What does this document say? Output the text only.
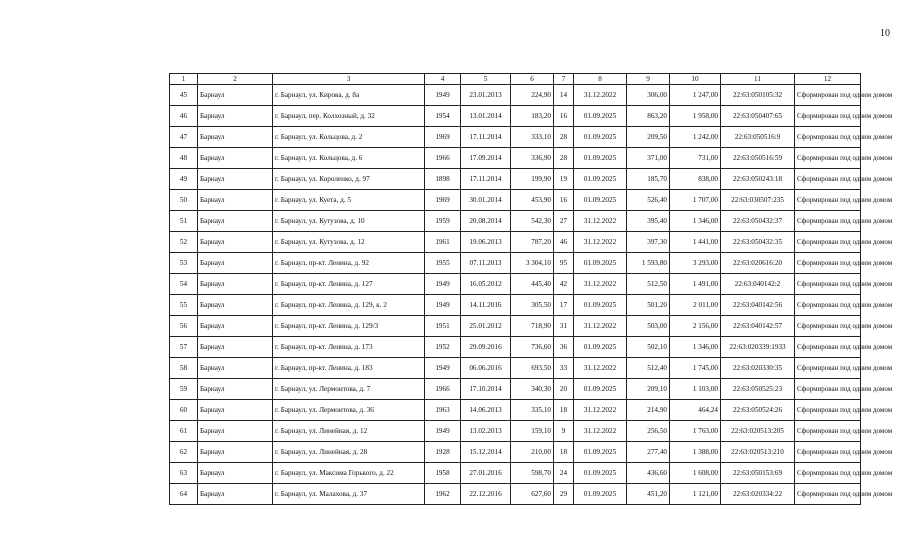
10
1	2	3	4	5	6	7	8	9	10	11	12
45	Барнаул	г. Барнаул, ул. Кирова, д. 8а	1949	23.01.2013	224,90	14	31.12.2022	306,00	1 247,00	22:63:050105:32	Сформирован под одним домом
46	Барнаул	г. Барнаул, пер. Колхозный, д. 32	1954	13.01.2014	183,20	16	01.09.2025	863,20	1 958,00	22:63:050407:65	Сформирован под одним домом
47	Барнаул	г. Барнаул, ул. Кольцова, д. 2	1969	17.11.2014	333,10	28	01.09.2025	209,50	1 242,00	22:63:050516:9	Сформирован под одним домом
48	Барнаул	г. Барнаул, ул. Кольцова, д. 6	1966	17.09.2014	336,90	28	01.09.2025	371,00	731,00	22:63:050516:59	Сформирован под одним домом
49	Барнаул	г. Барнаул, ул. Короленко, д. 97	1898	17.11.2014	199,90	19	01.09.2025	185,70	838,00	22:63:050243:18	Сформирован под одним домом
50	Барнаул	г. Барнаул, ул. Куета, д. 5	1969	30.01.2014	453,90	16	01.09.2025	526,40	1 707,00	22:63:030507:235	Сформирован под одним домом
51	Барнаул	г. Барнаул, ул. Кутузова, д. 10	1959	20.08.2014	542,30	27	31.12.2022	395,40	1 346,00	22:63:050432:37	Сформирован под одним домом
52	Барнаул	г. Барнаул, ул. Кутузова, д. 12	1961	19.06.2013	787,20	46	31.12.2022	397,30	1 441,00	22:63:050432:35	Сформирован под одним домом
53	Барнаул	г. Барнаул, пр-кт. Ленина, д. 92	1955	07.11.2013	3 304,10	95	01.09.2025	1 593,80	3 293,00	22:63:020616:20	Сформирован под одним домом
54	Барнаул	г. Барнаул, пр-кт. Ленина, д. 127	1949	16.05.2012	445,40	42	31.12.2022	512,50	1 491,00	22:63:040142:2	Сформирован под одним домом
55	Барнаул	г. Барнаул, пр-кт. Ленина, д. 129, к. 2	1949	14.11.2016	305,50	17	01.09.2025	501,20	2 011,00	22:63:040142:56	Сформирован под одним домом
56	Барнаул	г. Барнаул, пр-кт. Ленина, д. 129/3	1951	25.01.2012	718,90	31	31.12.2022	503,00	2 156,00	22:63:040142:57	Сформирован под одним домом
57	Барнаул	г. Барнаул, пр-кт. Ленина, д. 173	1952	29.09.2016	736,60	36	01.09.2025	502,10	1 346,00	22:63:020339:1933	Сформирован под одним домом
58	Барнаул	г. Барнаул, пр-кт. Ленина, д. 183	1949	06.06.2016	693,50	33	31.12.2022	512,40	1 745,00	22:63:020330:35	Сформирован под одним домом
59	Барнаул	г. Барнаул, ул. Лермонтова, д. 7	1966	17.10.2014	340,30	20	01.09.2025	209,10	1 103,00	22:63:050525:23	Сформирован под одним домом
60	Барнаул	г. Барнаул, ул. Лермонтова, д. 36	1963	14.06.2013	335,10	18	31.12.2022	214,90	464,24	22:63:050524:26	Сформирован под одним домом
61	Барнаул	г. Барнаул, ул. Линейная, д. 12	1949	13.02.2013	159,10	9	31.12.2022	256,50	1 763,00	22:63:020513:205	Сформирован под одним домом
62	Барнаул	г. Барнаул, ул. Линейная, д. 28	1928	15.12.2014	210,00	18	01.09.2025	277,40	1 388,00	22:63:020513:210	Сформирован под одним домом
63	Барнаул	г. Барнаул, ул. Максима Горького, д. 22	1958	27.01.2016	598,70	24	01.09.2025	436,60	1 608,00	22:63:050153:69	Сформирован под одним домом
64	Барнаул	г. Барнаул, ул. Малахова, д. 37	1962	22.12.2016	627,60	29	01.09.2025	451,20	1 121,00	22:63:020334:22	Сформирован под одним домом
